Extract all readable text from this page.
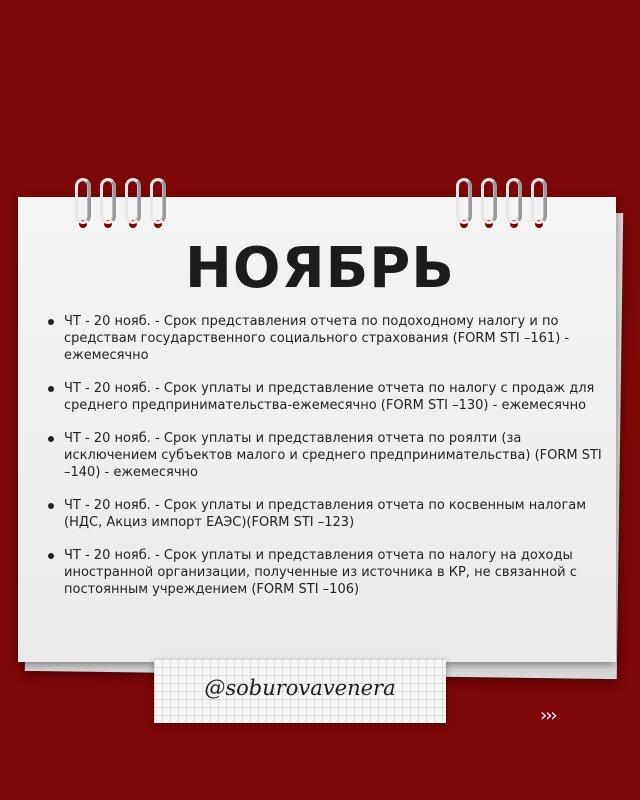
НОЯБРЬ
ЧТ - 20 нояб. - Срок представления отчета по подоходному налогу и по средствам государственного социального страхования (FORM STI –161) - ежемесячно
ЧТ - 20 нояб. - Срок уплаты и представление отчета по налогу с продаж для среднего предпринимательства-ежемесячно (FORM STI –130) - ежемесячно
ЧТ - 20 нояб. - Срок уплаты и представления отчета по роялти (за исключением субъектов малого и среднего предпринимательства) (FORM STI –140) - ежемесячно
ЧТ - 20 нояб. - Срок уплаты и представления отчета по косвенным налогам (НДС, Акциз импорт ЕАЭС)(FORM STI –123)
ЧТ - 20 нояб. - Срок уплаты и представления отчета по налогу на доходы иностранной организации, полученные из источника в КР, не связанной с постоянным учреждением (FORM STI –106)
@soburovavenera
›››
